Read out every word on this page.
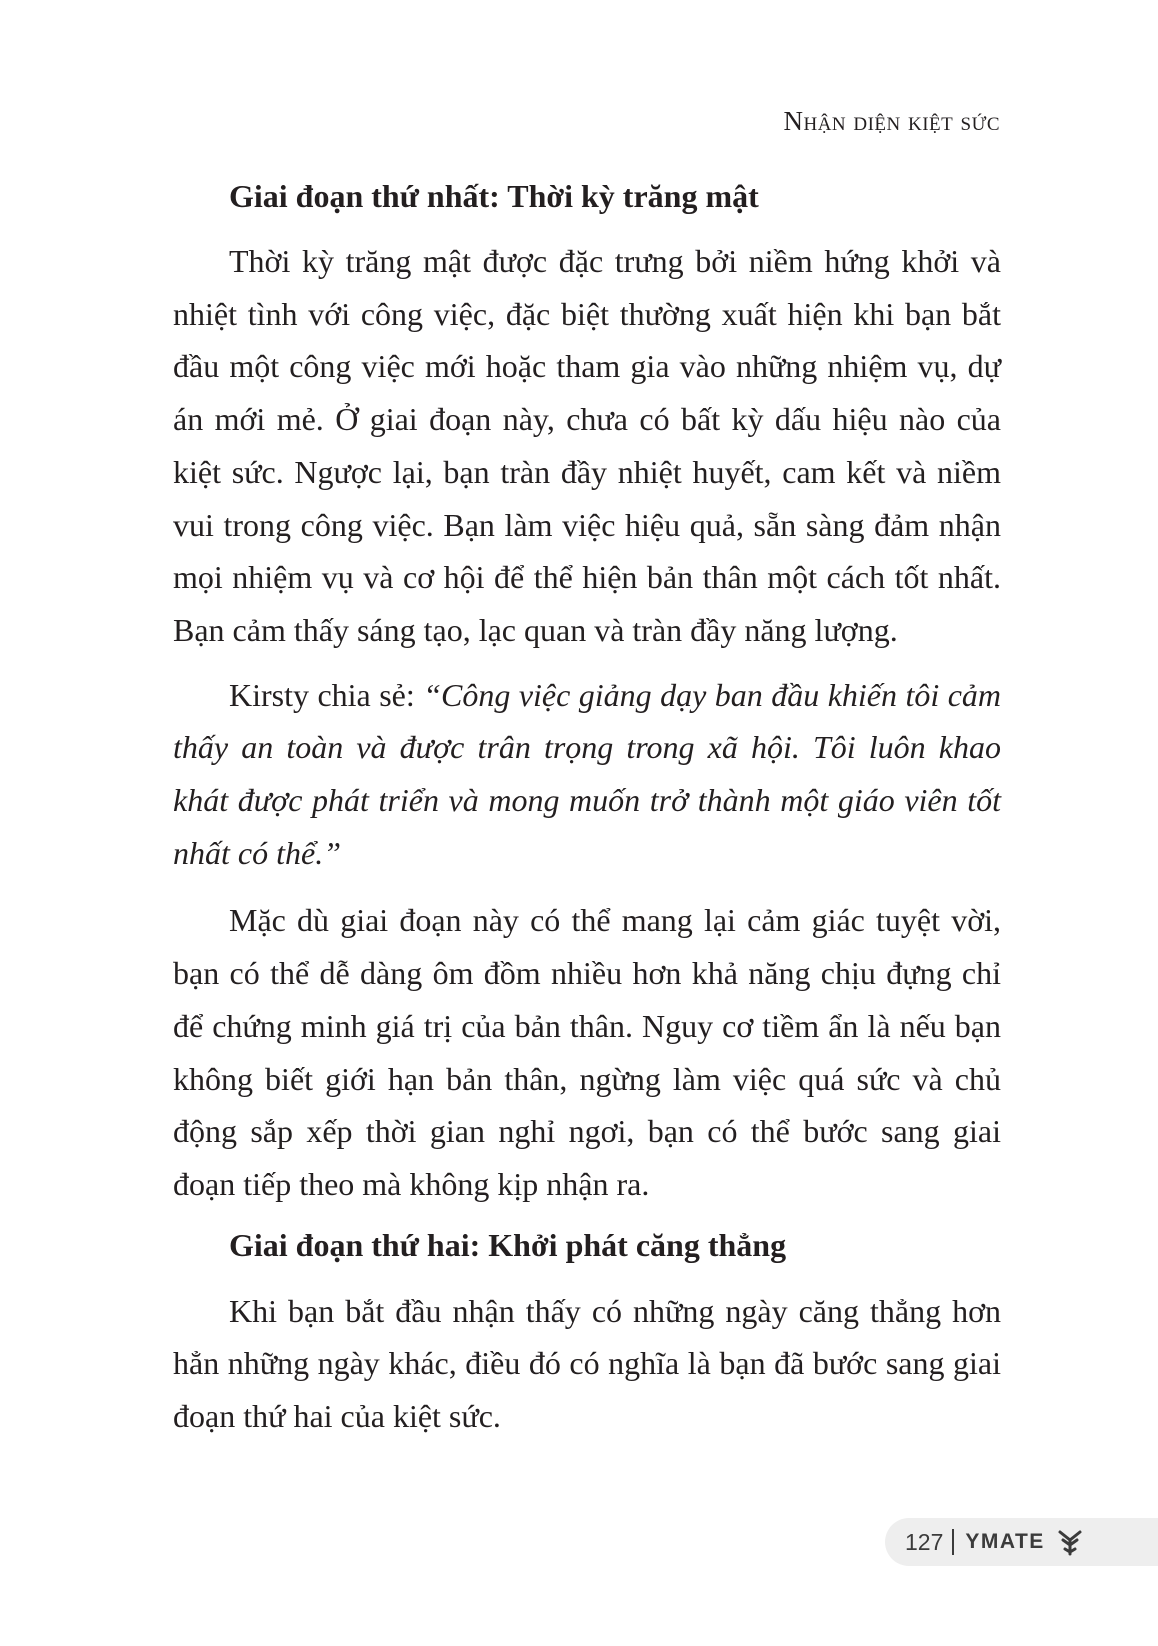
Nhận diện kiệt sức
Giai đoạn thứ nhất: Thời kỳ trăng mật

Thời kỳ trăng mật được đặc trưng bởi niềm hứng khởi và nhiệt tình với công việc, đặc biệt thường xuất hiện khi bạn bắt đầu một công việc mới hoặc tham gia vào những nhiệm vụ, dự án mới mẻ. Ở giai đoạn này, chưa có bất kỳ dấu hiệu nào của kiệt sức. Ngược lại, bạn tràn đầy nhiệt huyết, cam kết và niềm vui trong công việc. Bạn làm việc hiệu quả, sẵn sàng đảm nhận mọi nhiệm vụ và cơ hội để thể hiện bản thân một cách tốt nhất. Bạn cảm thấy sáng tạo, lạc quan và tràn đầy năng lượng.

Kirsty chia sẻ: “Công việc giảng dạy ban đầu khiến tôi cảm thấy an toàn và được trân trọng trong xã hội. Tôi luôn khao khát được phát triển và mong muốn trở thành một giáo viên tốt nhất có thể.”

Mặc dù giai đoạn này có thể mang lại cảm giác tuyệt vời, bạn có thể dễ dàng ôm đồm nhiều hơn khả năng chịu đựng chỉ để chứng minh giá trị của bản thân. Nguy cơ tiềm ẩn là nếu bạn không biết giới hạn bản thân, ngừng làm việc quá sức và chủ động sắp xếp thời gian nghỉ ngơi, bạn có thể bước sang giai đoạn tiếp theo mà không kịp nhận ra.

Giai đoạn thứ hai: Khởi phát căng thẳng

Khi bạn bắt đầu nhận thấy có những ngày căng thẳng hơn hẳn những ngày khác, điều đó có nghĩa là bạn đã bước sang giai đoạn thứ hai của kiệt sức.

127 YMATE
